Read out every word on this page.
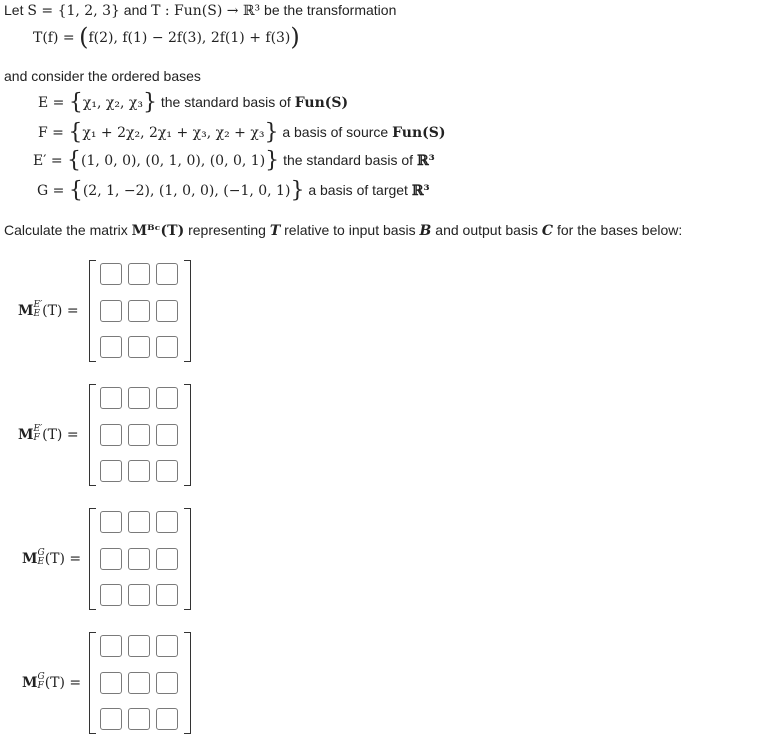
Let S = {1, 2, 3} and T : Fun(S) → ℝ³ be the transformation
T(f) = (f(2), f(1) − 2f(3), 2f(1) + f(3))
and consider the ordered bases
E = {χ₁, χ₂, χ₃} the standard basis of Fun(S)
F = {χ₁ + 2χ₂, 2χ₁ + χ₃, χ₂ + χ₃} a basis of source Fun(S)
E′ = {(1, 0, 0), (0, 1, 0), (0, 0, 1)} the standard basis of ℝ³
G = {(2, 1, −2), (1, 0, 0), (−1, 0, 1)} a basis of target ℝ³
Calculate the matrix Mᴮᶜ(T) representing T relative to input basis B and output basis C for the bases below:
M E′
E (T) =
M E′
F (T) =
M G
E (T) =
M G
F (T) =
